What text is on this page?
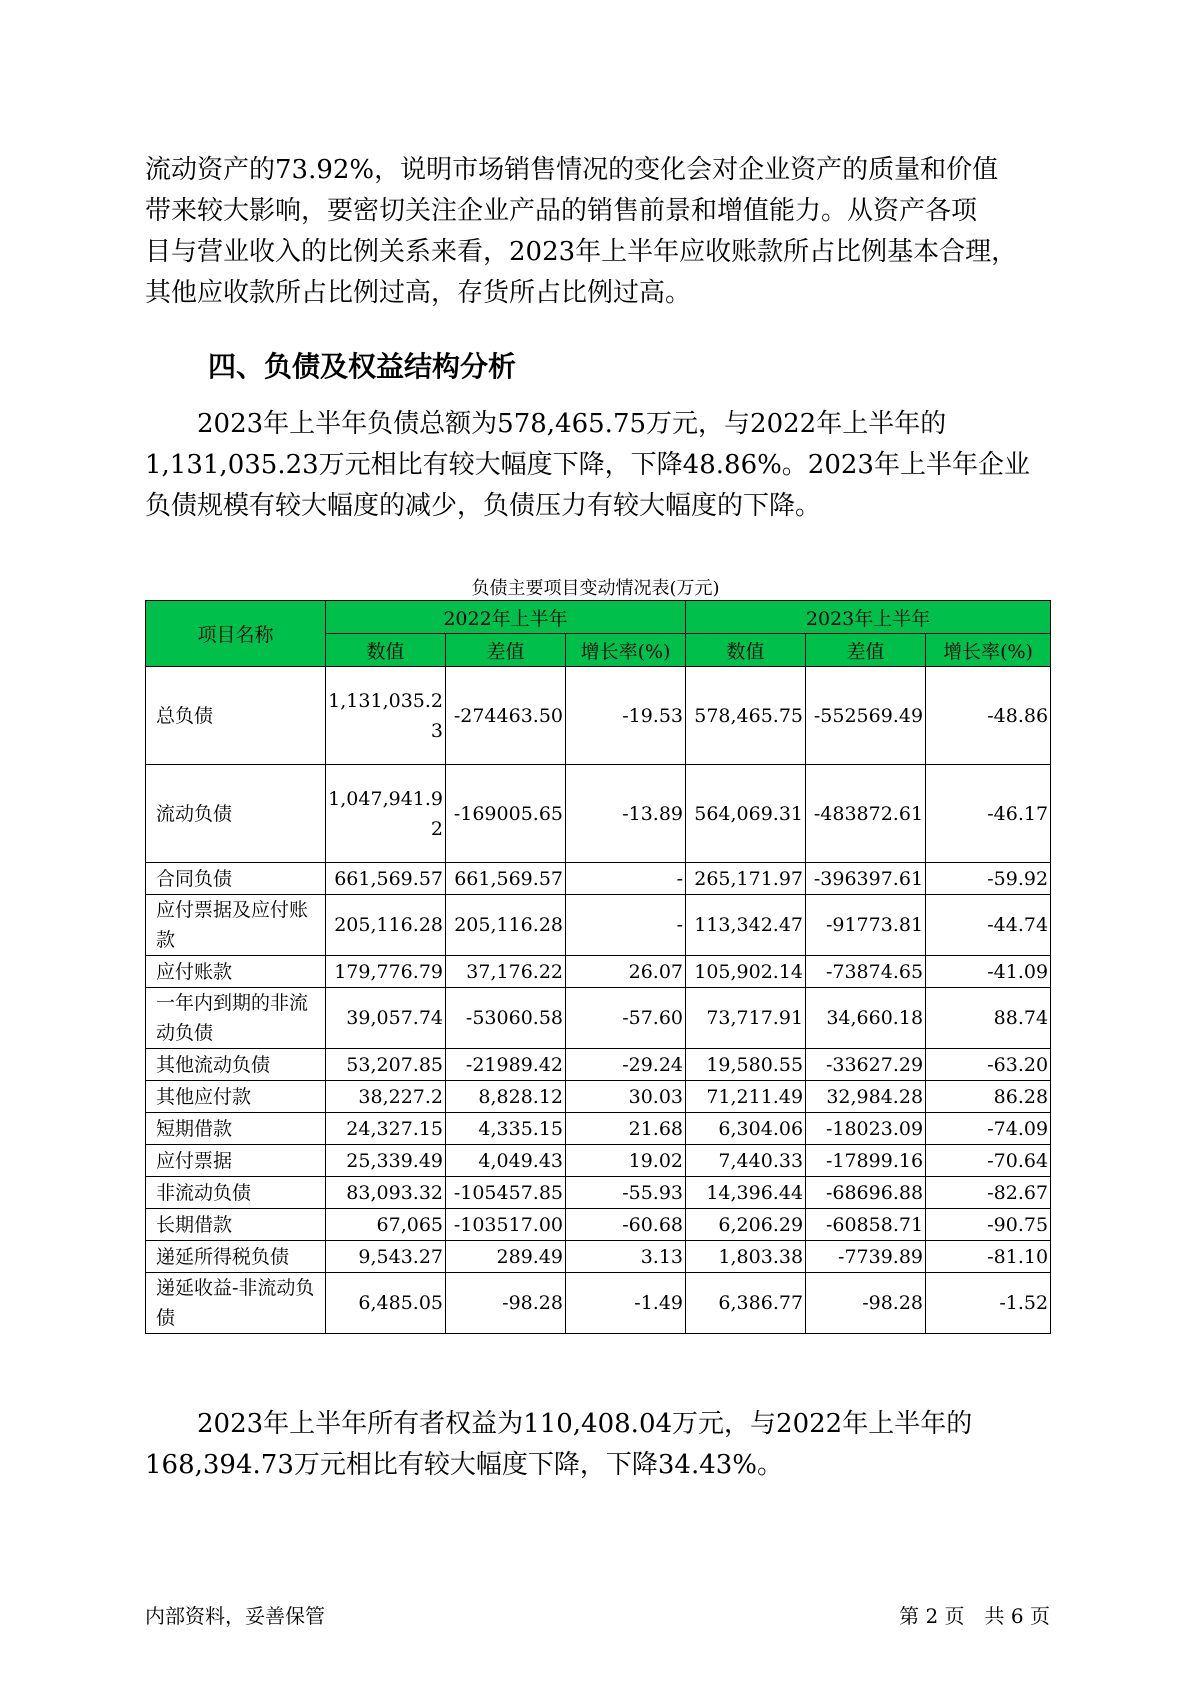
流动资产的73.92%，说明市场销售情况的变化会对企业资产的质量和价值
带来较大影响，要密切关注企业产品的销售前景和增值能力。从资产各项
目与营业收入的比例关系来看，2023年上半年应收账款所占比例基本合理，
其他应收款所占比例过高，存货所占比例过高。
四、负债及权益结构分析
　　2023年上半年负债总额为578,465.75万元，与2022年上半年的
1,131,035.23万元相比有较大幅度下降，下降48.86%。2023年上半年企业
负债规模有较大幅度的减少，负债压力有较大幅度的下降。

负债主要项目变动情况表(万元)

项目名称	2022年上半年			2023年上半年		
	数值	差值	增长率(%)	数值	差值	增长率(%)
总负债	1,131,035.23	-274463.50	-19.53	578,465.75	-552569.49	-48.86
流动负债	1,047,941.92	-169005.65	-13.89	564,069.31	-483872.61	-46.17
合同负债	661,569.57	661,569.57	-	265,171.97	-396397.61	-59.92
应付票据及应付账款	205,116.28	205,116.28	-	113,342.47	-91773.81	-44.74
应付账款	179,776.79	37,176.22	26.07	105,902.14	-73874.65	-41.09
一年内到期的非流动负债	39,057.74	-53060.58	-57.60	73,717.91	34,660.18	88.74
其他流动负债	53,207.85	-21989.42	-29.24	19,580.55	-33627.29	-63.20
其他应付款	38,227.2	8,828.12	30.03	71,211.49	32,984.28	86.28
短期借款	24,327.15	4,335.15	21.68	6,304.06	-18023.09	-74.09
应付票据	25,339.49	4,049.43	19.02	7,440.33	-17899.16	-70.64
非流动负债	83,093.32	-105457.85	-55.93	14,396.44	-68696.88	-82.67
长期借款	67,065	-103517.00	-60.68	6,206.29	-60858.71	-90.75
递延所得税负债	9,543.27	289.49	3.13	1,803.38	-7739.89	-81.10
递延收益-非流动负债	6,485.05	-98.28	-1.49	6,386.77	-98.28	-1.52
　　2023年上半年所有者权益为110,408.04万元，与2022年上半年的
168,394.73万元相比有较大幅度下降，下降34.43%。

内部资料，妥善保管	第 2 页　共 6 页
